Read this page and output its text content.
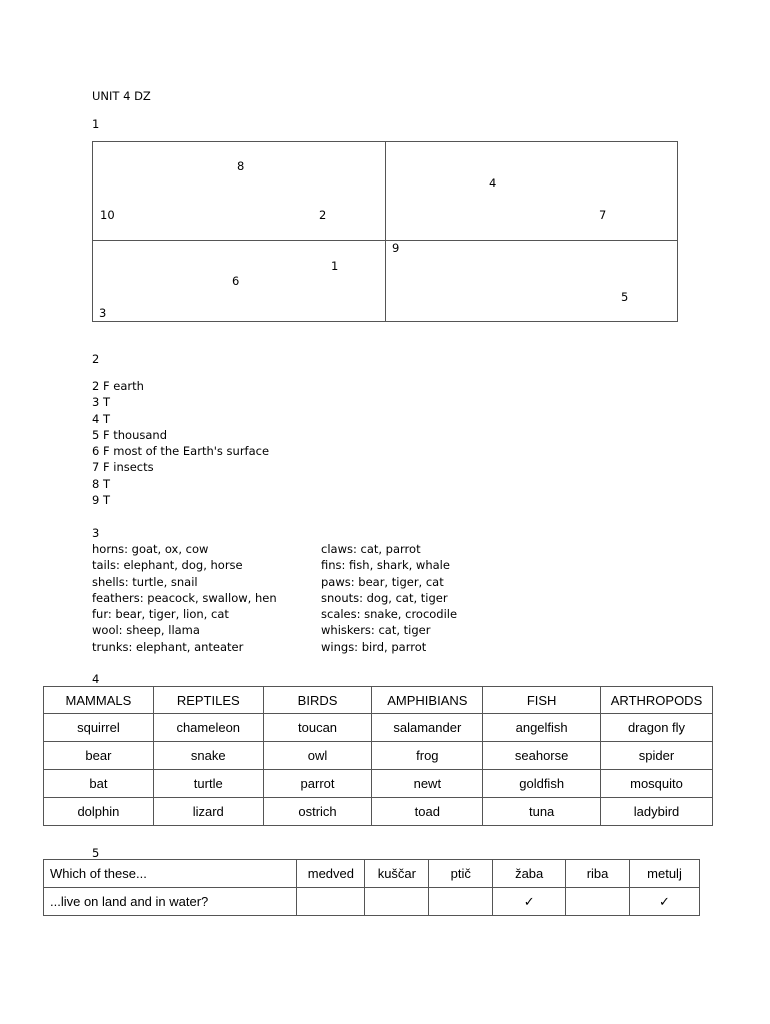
UNIT 4 DZ
1
8
4
10	2	7
9
1
6
3
5
2
2 F earth
3 T
4 T
5 F thousand
6 F most of the Earth's surface
7 F insects
8 T
9 T
3
horns: goat, ox, cow
tails: elephant, dog, horse
shells: turtle, snail
feathers: peacock, swallow, hen
fur: bear, tiger, lion, cat
wool: sheep, llama
trunks: elephant, anteater
claws: cat, parrot
fins: fish, shark, whale
paws: bear, tiger, cat
snouts: dog, cat, tiger
scales: snake, crocodile
whiskers: cat, tiger
wings: bird, parrot
4
MAMMALS	REPTILES	BIRDS	AMPHIBIANS	FISH	ARTHROPODS
squirrel	chameleon	toucan	salamander	angelfish	dragon fly
bear	snake	owl	frog	seahorse	spider
bat	turtle	parrot	newt	goldfish	mosquito
dolphin	lizard	ostrich	toad	tuna	ladybird
5
Which of these...	medved	kuščar	ptič	žaba	riba	metulj
...live on land and in water?				✓		✓
